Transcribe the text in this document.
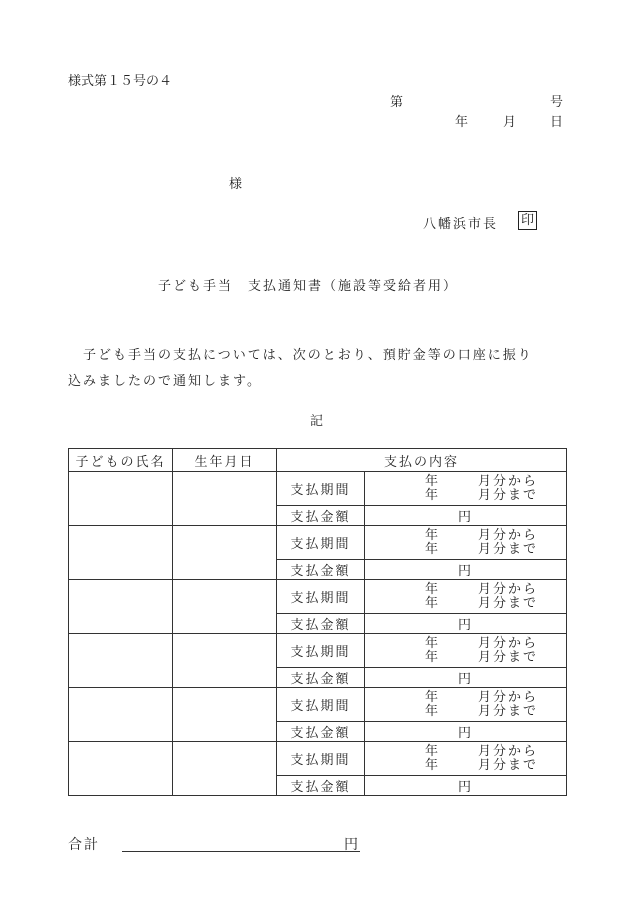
様式第１５号の４
第	号
年	月	日
様
八幡浜市長 印
子ども手当　支払通知書（施設等受給者用）
　子ども手当の支払については、次のとおり、預貯金等の口座に振り
込みましたので通知します。
記
子どもの氏名	生年月日	支払の内容	
		支払期間	年 月分から
年 月分まで

		支払金額	円
		支払期間	年 月分から
年 月分まで

		支払金額	円
		支払期間	年 月分から
年 月分まで

		支払金額	円
		支払期間	年 月分から
年 月分まで

		支払金額	円
		支払期間	年 月分から
年 月分まで

		支払金額	円
		支払期間	年 月分から
年 月分まで

		支払金額	円
合計	円
